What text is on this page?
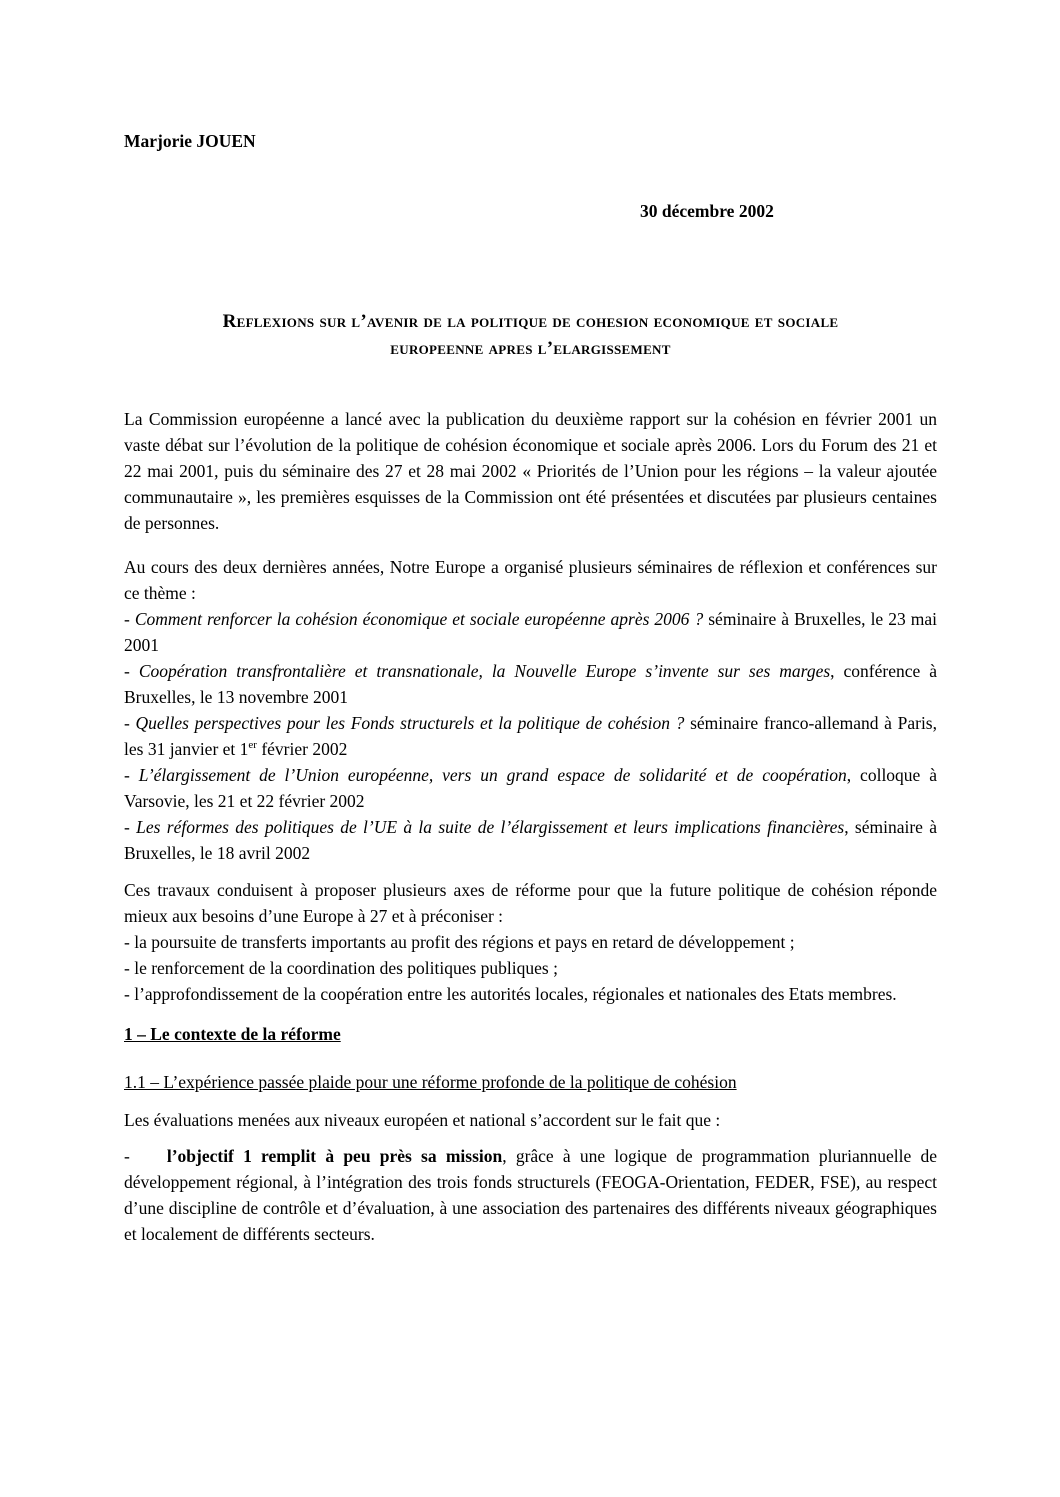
Marjorie JOUEN
30 décembre 2002
Reflexions sur l’avenir de la politique de cohesion economique et sociale
europeenne apres l’elargissement

La Commission européenne a lancé avec la publication du deuxième rapport sur la cohésion en février 2001 un vaste débat sur l’évolution de la politique de cohésion économique et sociale après 2006. Lors du Forum des 21 et 22 mai 2001, puis du séminaire des 27 et 28 mai 2002 « Priorités de l’Union pour les régions – la valeur ajoutée communautaire », les premières esquisses de la Commission ont été présentées et discutées par plusieurs centaines de personnes.

Au cours des deux dernières années, Notre Europe a organisé plusieurs séminaires de réflexion et conférences sur ce thème :

- Comment renforcer la cohésion économique et sociale européenne après 2006 ? séminaire à Bruxelles, le 23 mai 2001

- Coopération transfrontalière et transnationale, la Nouvelle Europe s’invente sur ses marges, conférence à Bruxelles, le 13 novembre 2001

- Quelles perspectives pour les Fonds structurels et la politique de cohésion ? séminaire franco-allemand à Paris, les 31 janvier et 1er février 2002

- L’élargissement de l’Union européenne, vers un grand espace de solidarité et de coopération, colloque à Varsovie, les 21 et 22 février 2002

- Les réformes des politiques de l’UE à la suite de l’élargissement et leurs implications financières, séminaire à Bruxelles, le 18 avril 2002

Ces travaux conduisent à proposer plusieurs axes de réforme pour que la future politique de cohésion réponde mieux aux besoins d’une Europe à 27 et à préconiser :

- la poursuite de transferts importants au profit des régions et pays en retard de développement ;

- le renforcement de la coordination des politiques publiques ;

- l’approfondissement de la coopération entre les autorités locales, régionales et nationales des Etats membres.

1 – Le contexte de la réforme

1.1 – L’expérience passée plaide pour une réforme profonde de la politique de cohésion

Les évaluations menées aux niveaux européen et national s’accordent sur le fait que :

- l’objectif 1 remplit à peu près sa mission, grâce à une logique de programmation pluriannuelle de développement régional, à l’intégration des trois fonds structurels (FEOGA-Orientation, FEDER, FSE), au respect d’une discipline de contrôle et d’évaluation, à une association des partenaires des différents niveaux géographiques et localement de différents secteurs.
